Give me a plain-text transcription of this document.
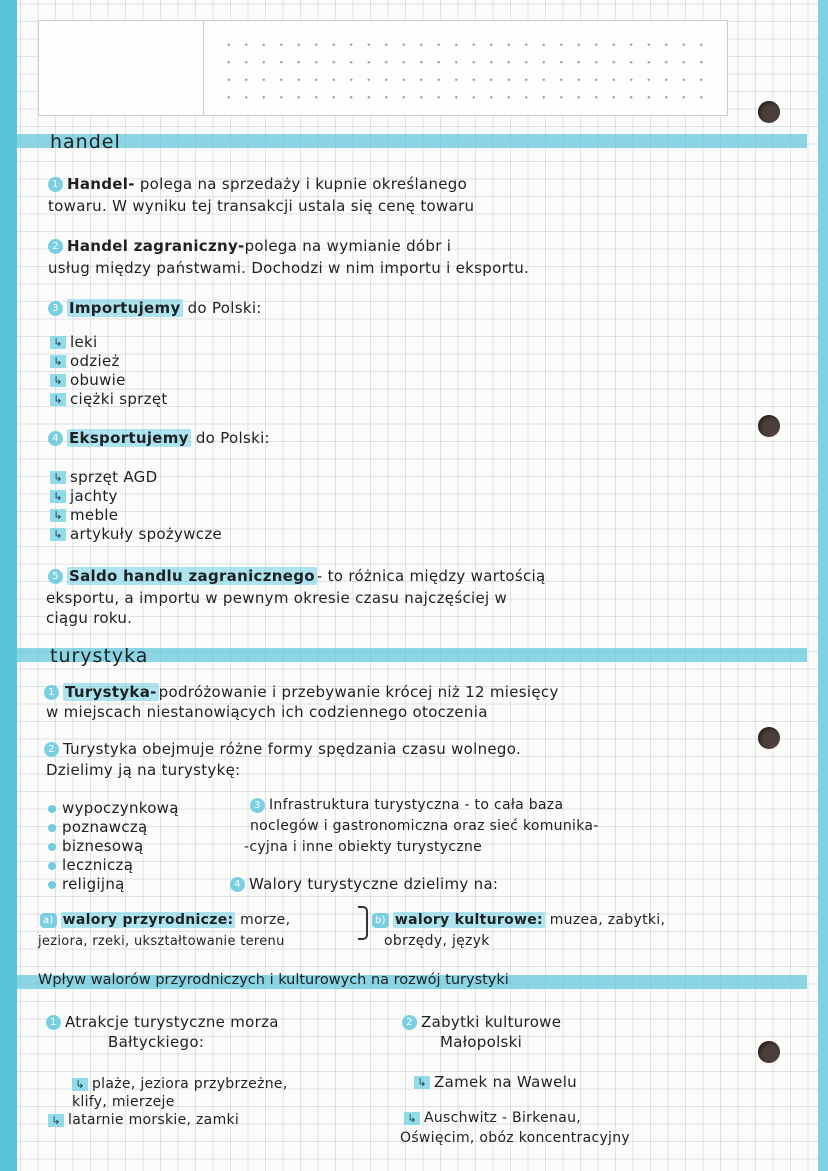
handel

1 Handel- polega na sprzedaży i kupnie określanego

towaru. W wyniku tej transakcji ustala się cenę towaru

2 Handel zagraniczny-polega na wymianie dóbr i

usług między państwami. Dochodzi w nim importu i eksportu.

3 Importujemy do Polski:

↳ leki

↳ odzież

↳ obuwie

↳ ciężki sprzęt

4 Eksportujemy do Polski:

↳ sprzęt AGD

↳ jachty

↳ meble

↳ artykuły spożywcze

5 Saldo handlu zagranicznego - to różnica między wartością

eksportu, a importu w pewnym okresie czasu najczęściej w

ciągu roku.

turystyka

1 Turystyka- podróżowanie i przebywanie krócej niż 12 miesięcy

w miejscach niestanowiących ich codziennego otoczenia

2 Turystyka obejmuje różne formy spędzania czasu wolnego.

Dzielimy ją na turystykę:

wypoczynkową

poznawczą

biznesową

leczniczą

religijną

3 Infrastruktura turystyczna - to cała baza

noclegów i gastronomiczna oraz sieć komunika-

-cyjna i inne obiekty turystyczne

4 Walory turystyczne dzielimy na:

a) walory przyrodnicze: morze,

jeziora, rzeki, ukształtowanie terenu

b) walory kulturowe: muzea, zabytki,

obrzędy, język

Wpływ walorów przyrodniczych i kulturowych na rozwój turystyki

1 Atrakcje turystyczne morza

Bałtyckiego:

↳ plaże, jeziora przybrzeżne,

klify, mierzeje

↳ latarnie morskie, zamki

2 Zabytki kulturowe

Małopolski

↳ Zamek na Wawelu

↳ Auschwitz - Birkenau,

Oświęcim, obóz koncentracyjny
